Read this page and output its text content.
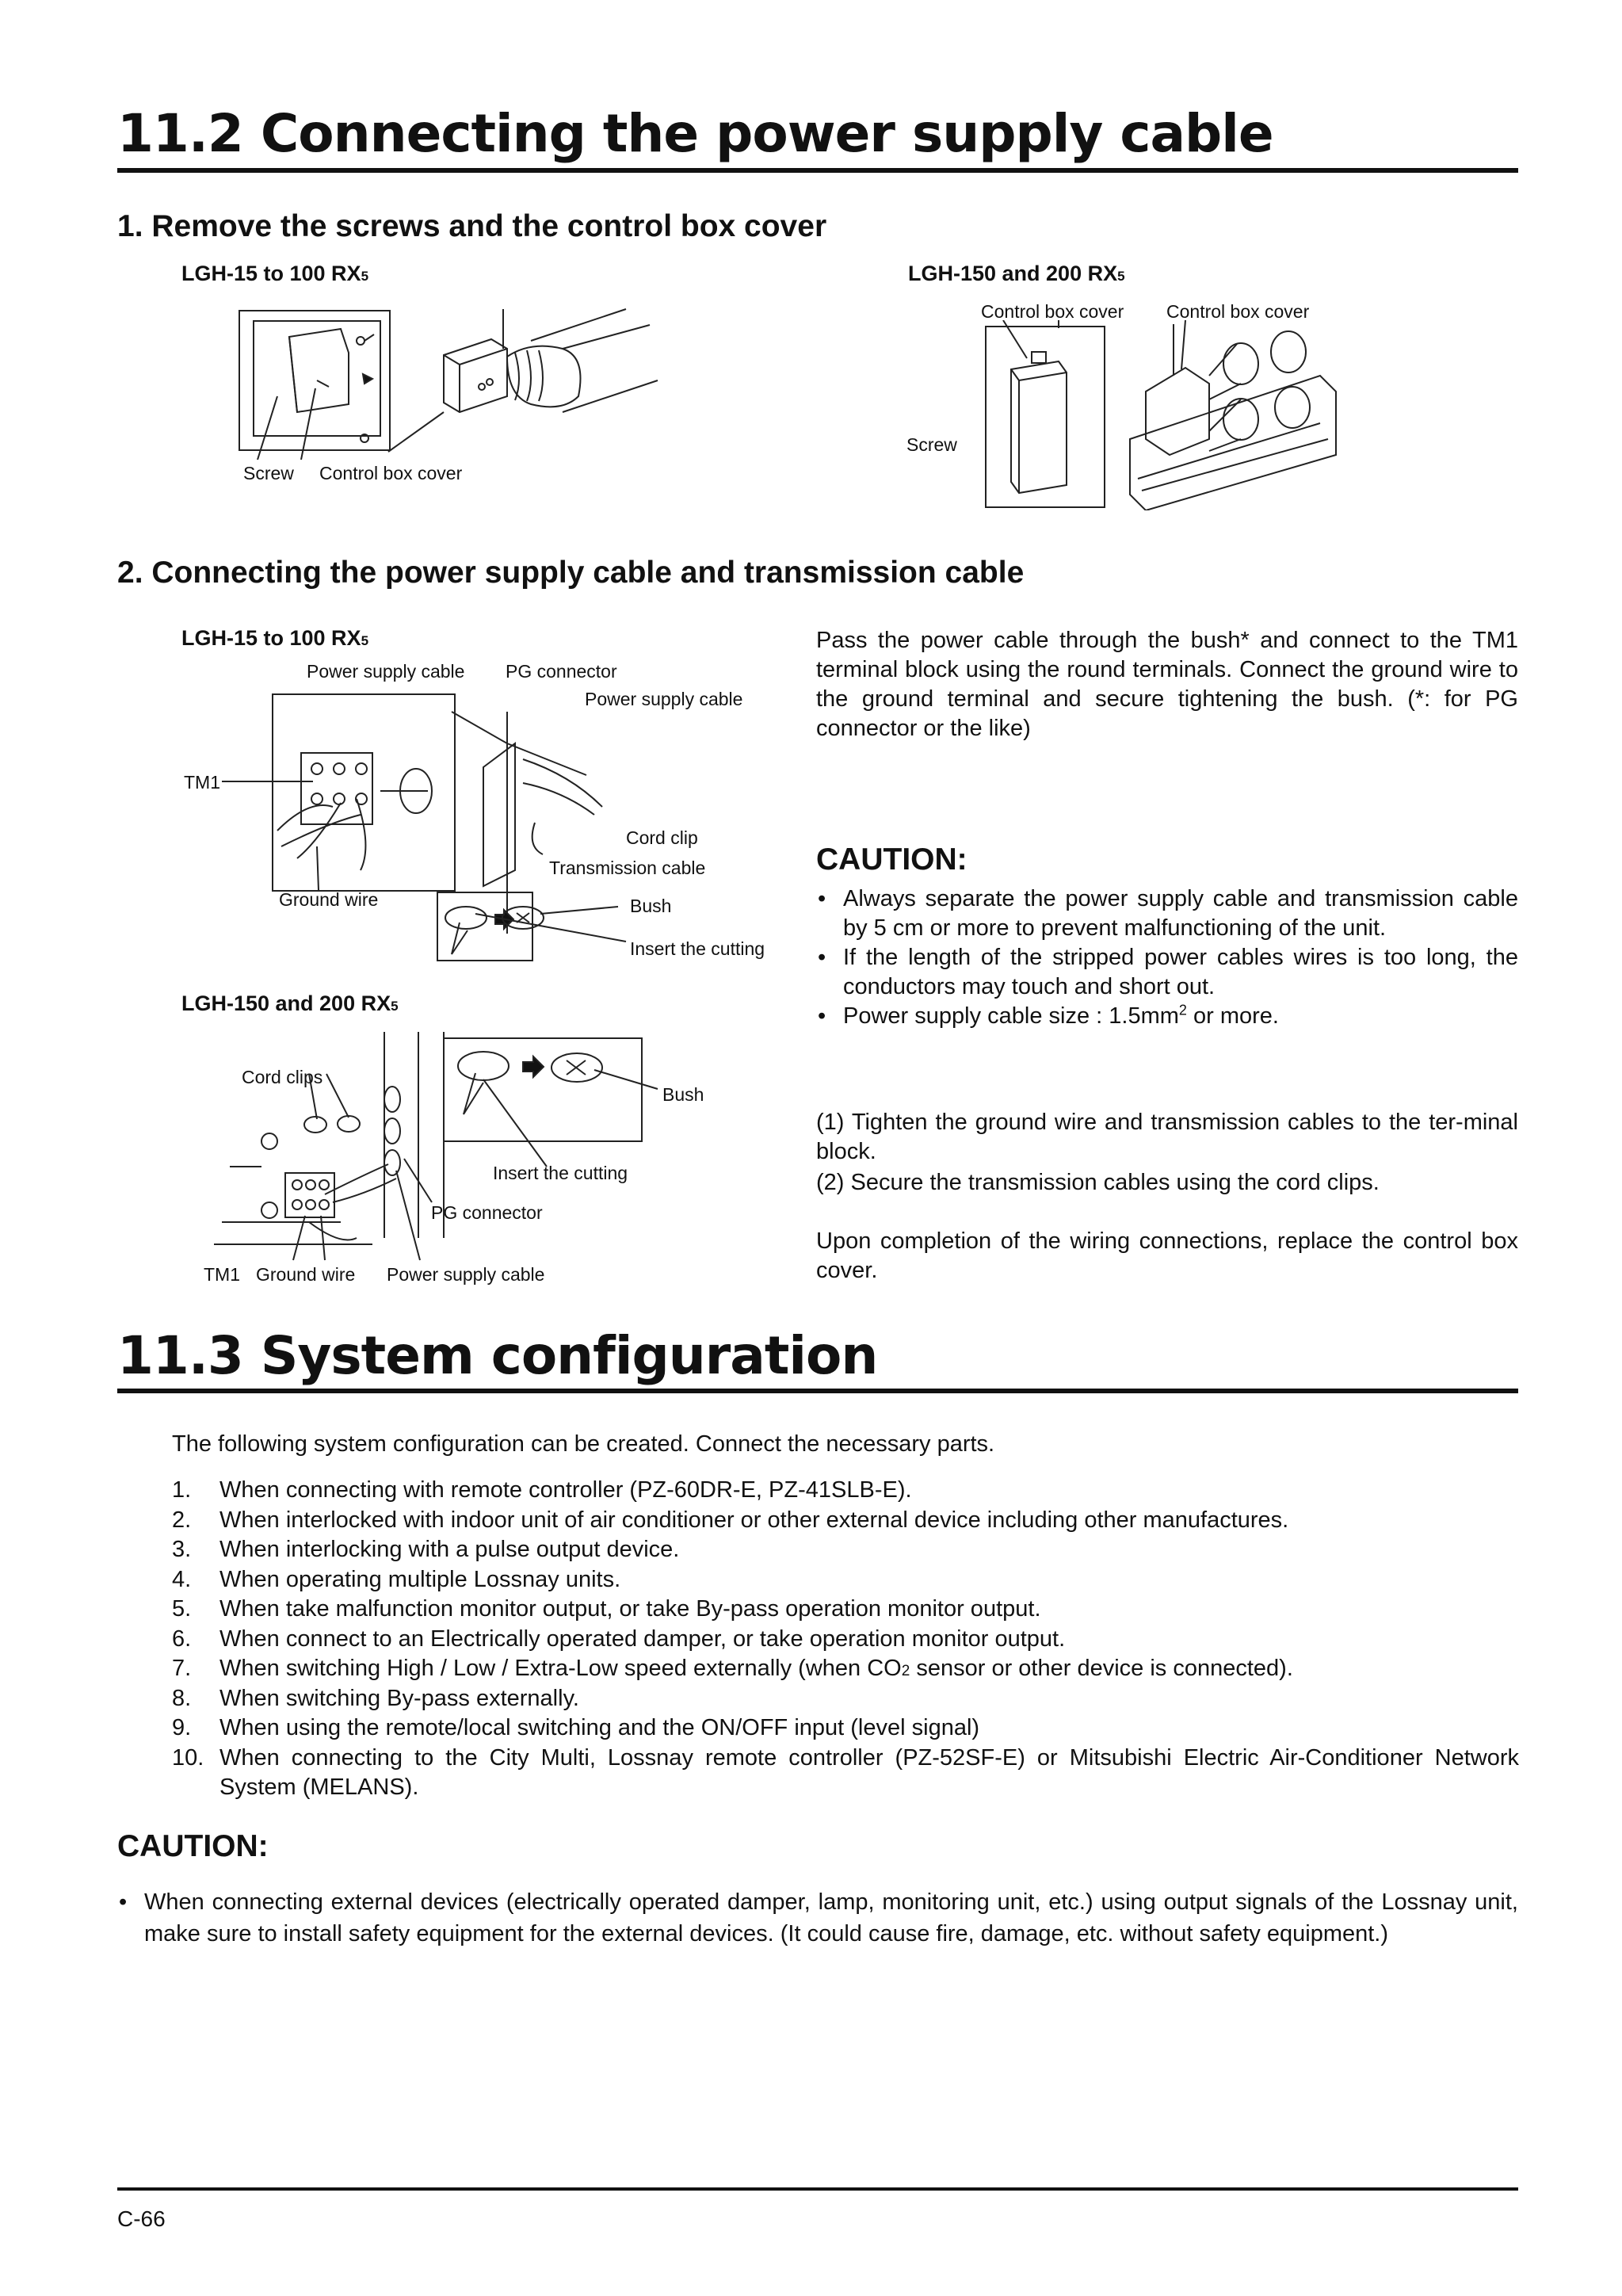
11.2 Connecting the power supply cable
1. Remove the screws and the control box cover
LGH-15 to 100 RX5	LGH-150 and 200 RX5
Screw Control box cover
Control box cover Control box cover
Screw
2. Connecting the power supply cable and transmission cable
LGH-15 to 100 RX5
Power supply cable PG connector
Power supply cable
TM1
Cord clip
Transmission cable
Ground wire	Bush
Insert the cutting
LGH-150 and 200 RX5
Cord clips
Bush
Insert the cutting
PG connector
TM1 Ground wire Power supply cable
Pass the power cable through the bush* and connect to the TM1 terminal block using the round terminals. Connect the ground wire to the ground terminal and secure tightening the bush. (*: for PG connector or the like)
CAUTION:
• Always separate the power supply cable and transmission cable by 5 cm or more to prevent malfunctioning of the unit.
• If the length of the stripped power cables wires is too long, the conductors may touch and short out.
• Power supply cable size : $1.5mm^2$ or more.
(1) Tighten the ground wire and transmission cables to the ter-minal block.
(2) Secure the transmission cables using the cord clips.
Upon completion of the wiring connections, replace the control box cover.
11.3 System configuration
The following system configuration can be created. Connect the necessary parts.
1. When connecting with remote controller (PZ-60DR-E, PZ-41SLB-E).
2. When interlocked with indoor unit of air conditioner or other external device including other manufactures.
3. When interlocking with a pulse output device.
4. When operating multiple Lossnay units.
5. When take malfunction monitor output, or take By-pass operation monitor output.
6. When connect to an Electrically operated damper, or take operation monitor output.
7. When switching High / Low / Extra-Low speed externally (when CO2 sensor or other device is connected).
8. When switching By-pass externally.
9. When using the remote/local switching and the ON/OFF input (level signal)
10. When connecting to the City Multi, Lossnay remote controller (PZ-52SF-E) or Mitsubishi Electric Air-Conditioner Network System (MELANS).
CAUTION:
• When connecting external devices (electrically operated damper, lamp, monitoring unit, etc.) using output signals of the Lossnay unit, make sure to install safety equipment for the external devices. (It could cause fire, damage, etc. without safety equipment.)
C-66
